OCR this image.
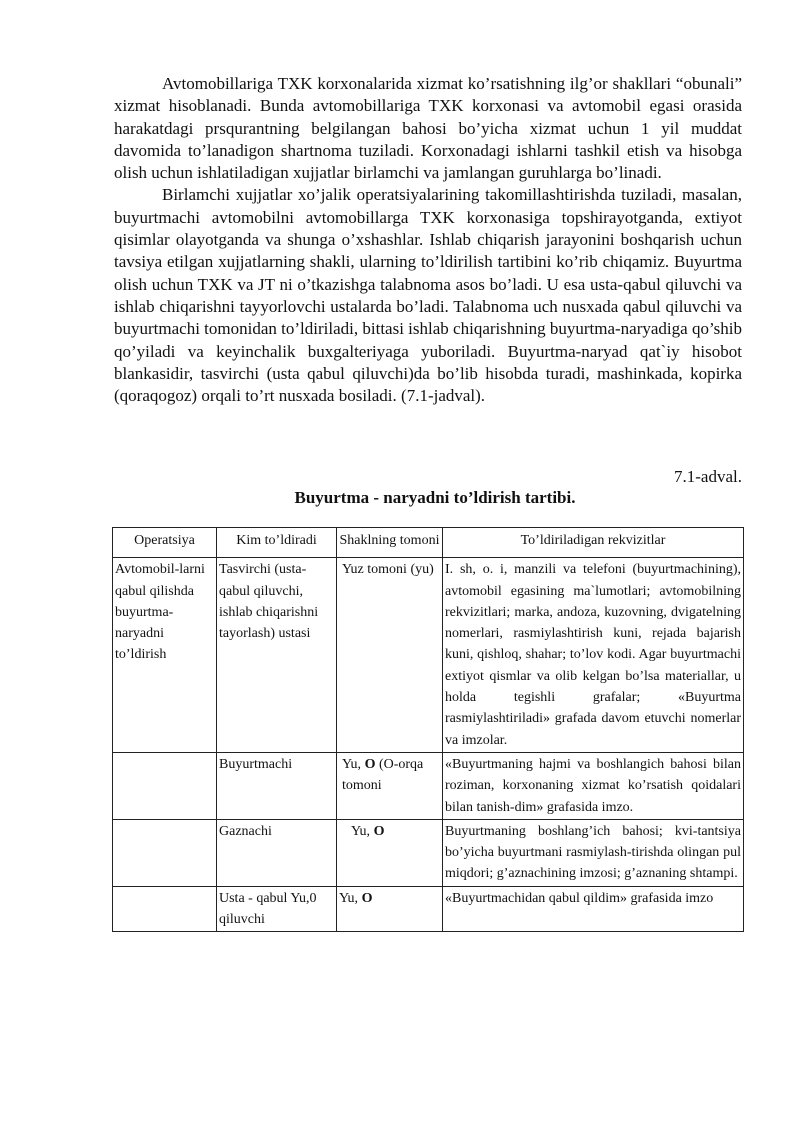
Avtomobillariga TXK korxonalarida xizmat ko’rsatishning ilg’or shakllari “obunali” xizmat hisoblanadi. Bunda avtomobillariga TXK korxonasi va avtomobil egasi orasida harakatdagi prsqurantning belgilangan bahosi bo’yicha xizmat uchun 1 yil muddat davomida to’lanadigon shartnoma tuziladi. Korxonadagi ishlarni tashkil etish va hisobga olish uchun ishlatiladigan xujjatlar birlamchi va jamlangan guruhlarga bo’linadi.

Birlamchi xujjatlar xo’jalik operatsiyalarining takomillashtirishda tuziladi, masalan, buyurtmachi avtomobilni avtomobillarga TXK korxonasiga topshirayotganda, extiyot qisimlar olayotganda va shunga o’xshashlar. Ishlab chiqarish jarayonini boshqarish uchun tavsiya etilgan xujjatlarning shakli, ularning to’ldirilish tartibini ko’rib chiqamiz. Buyurtma olish uchun TXK va JT ni o’tkazishga talabnoma asos bo’ladi. U esa usta-qabul qiluvchi va ishlab chiqarishni tayyorlovchi ustalarda bo’ladi. Talabnoma uch nusxada qabul qiluvchi va buyurtmachi tomonidan to’ldiriladi, bittasi ishlab chiqarishning buyurtma-naryadiga qo’shib qo’yiladi va keyinchalik buxgalteriyaga yuboriladi. Buyurtma-naryad qat`iy hisobot blankasidir, tasvirchi (usta qabul qiluvchi)da bo’lib hisobda turadi, mashinkada, kopirka (qoraqogoz) orqali to’rt nusxada bosiladi. (7.1-jadval).

7.1-adval.
Buyurtma - naryadni to’ldirish tartibi.
Operatsiya	Kim to’ldiradi	Shaklning tomoni	To’ldiriladigan rekvizitlar
Avtomobil-larni qabul qilishda buyurtma-naryadni to’ldirish	Tasvirchi (usta-qabul qiluvchi, ishlab chiqarishni tayorlash) ustasi	Yuz tomoni (yu)	I. sh, o. i, manzili va telefoni (buyurtmachining), avtomobil egasining ma`lumotlari; avtomobilning rekvizitlari; marka, andoza, kuzovning, dvigatelning nomerlari, rasmiylashtirish kuni, rejada bajarish kuni, qishloq, shahar; to’lov kodi. Agar buyurtmachi extiyot qismlar va olib kelgan bo’lsa materiallar, u holda tegishli grafalar; «Buyurtma rasmiylashtiriladi» grafada davom etuvchi nomerlar va imzolar.
	Buyurtmachi	Yu, O (O-orqa tomoni	«Buyurtmaning hajmi va boshlangich bahosi bilan roziman, korxonaning xizmat ko’rsatish qoidalari bilan tanish-dim» grafasida imzo.
	Gaznachi	Yu, O	Buyurtmaning boshlang’ich bahosi; kvi-tantsiya bo’yicha buyurtmani rasmiylash-tirishda olingan pul miqdori; g’aznachining imzosi; g’aznaning shtampi.
	Usta - qabul Yu,0 qiluvchi	Yu, O	«Buyurtmachidan qabul qildim» grafasida imzo
